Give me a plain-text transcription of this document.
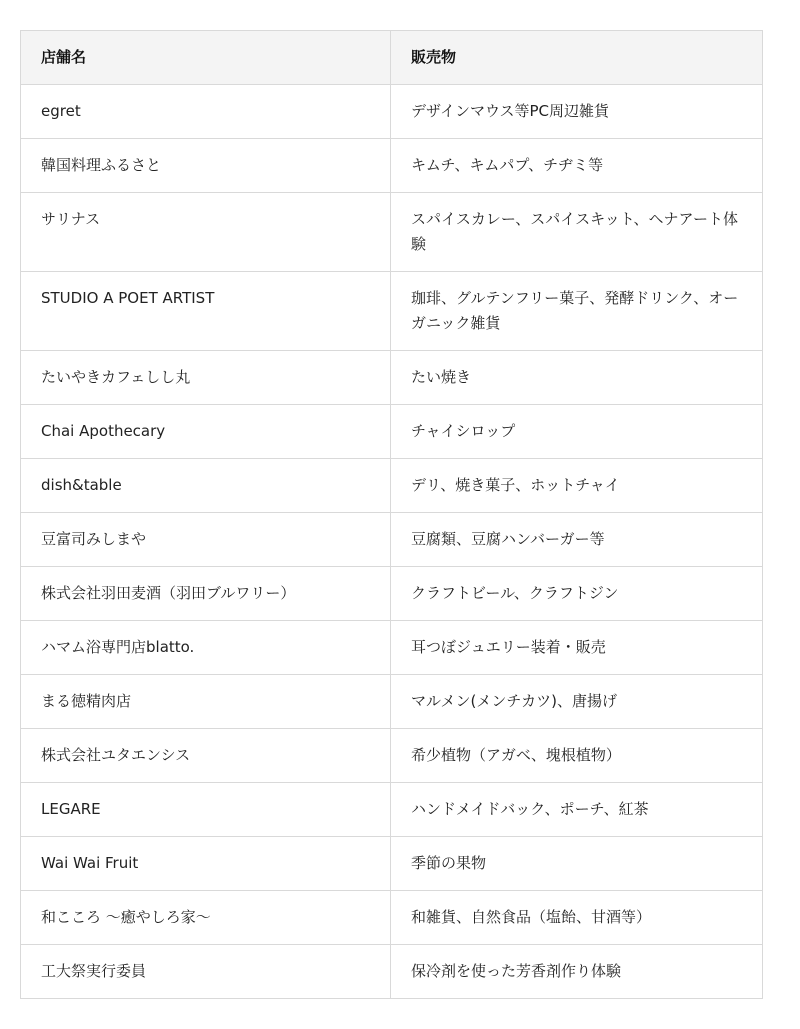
店舗名	販売物
egret	デザインマウス等PC周辺雑貨
韓国料理ふるさと	キムチ、キムパプ、チヂミ等
サリナス	スパイスカレー、スパイスキット、ヘナアート体験
STUDIO A POET ARTIST	珈琲、グルテンフリー菓子、発酵ドリンク、オーガニック雑貨
たいやきカフェしし丸	たい焼き
Chai Apothecary	チャイシロップ
dish&table	デリ、焼き菓子、ホットチャイ
豆富司みしまや	豆腐類、豆腐ハンバーガー等
株式会社羽田麦酒（羽田ブルワリー）	クラフトビール、クラフトジン
ハマム浴専門店blatto.	耳つぼジュエリー装着・販売
まる徳精肉店	マルメン(メンチカツ)、唐揚げ
株式会社ユタエンシス	希少植物（アガベ、塊根植物）
LEGARE	ハンドメイドバック、ポーチ、紅茶
Wai Wai Fruit	季節の果物
和こころ 〜癒やしろ家〜	和雑貨、自然食品（塩飴、甘酒等）
工大祭実行委員	保冷剤を使った芳香剤作り体験
